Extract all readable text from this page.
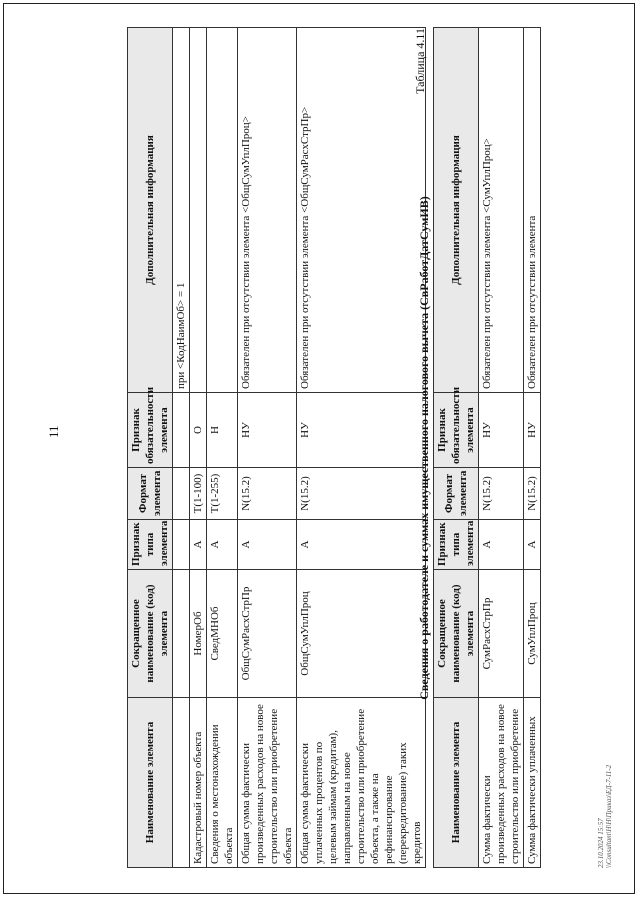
11
Наименование элемента	Сокращенное наименование (код) элемента	Признак типа элемента	Формат элемента	Признак обязательности элемента	Дополнительная информация
					при <КодНаимОб> = 1
Кадастровый номер объекта	НомерОб	А	T(1-100)	О	
Сведения о местонахождении объекта	СведМНОб	А	T(1-255)	Н	
Общая сумма фактически произведенных расходов на новое строительство или приобретение объекта	ОбщСумРасхСтрПр	А	N(15.2)	НУ	Обязателен при отсутствии элемента <ОбщСумУплПроц>
Общая сумма фактически уплаченных процентов по целевым займам (кредитам), направленным на новое строительство или приобретение объекта, а также на рефинансирование (перекредитование) таких кредитов	ОбщСумУплПроц	А	N(15.2)	НУ	Обязателен при отсутствии элемента <ОбщСумРасхСтрПр>
Таблица 4.11
Сведения о работодателе и суммах имущественного налогового вычета (СвРаботДатСумИВ)
Наименование элемента	Сокращенное наименование (код) элемента	Признак типа элемента	Формат элемента	Признак обязательности элемента	Дополнительная информация
Сумма фактически произведенных расходов на новое строительство или приобретение	СумРасхСтрПр	А	N(15.2)	НУ	Обязателен при отсутствии элемента <СумУплПроц>
Сумма фактически уплаченных	СумУплПроц	А	N(15.2)	НУ	Обязателен при отсутствии элемента
23.10.2024 15:57 \\Consultant\Н\Н\Приказ\ЕД-7-11-2
